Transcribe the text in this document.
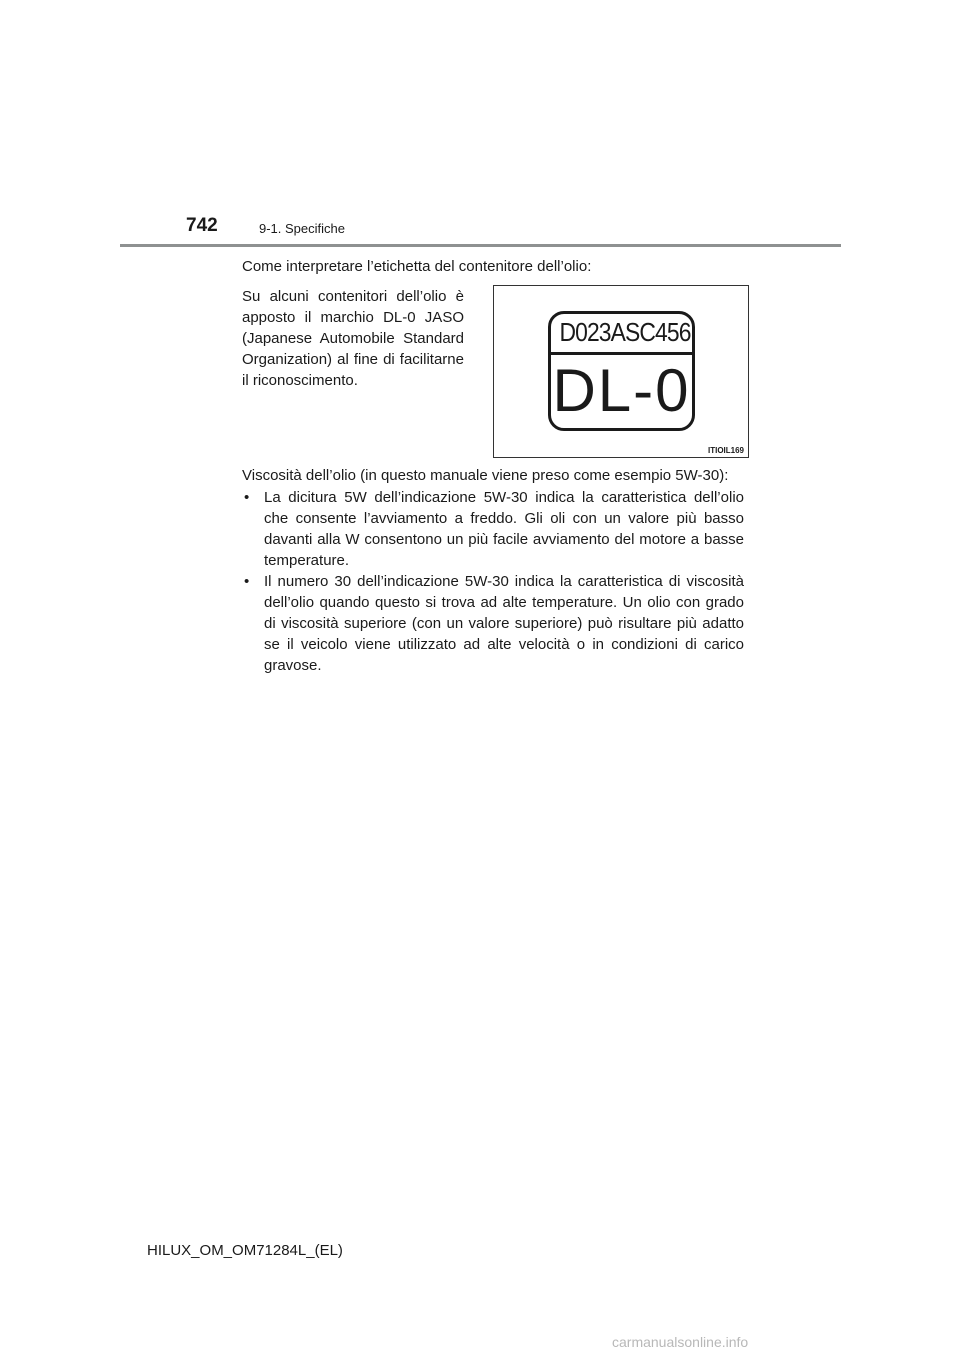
742	9-1. Specifiche
Come interpretare l’etichetta del contenitore dell’olio:
Su alcuni contenitori dell’olio è apposto il marchio DL-0 JASO (Japanese Automobile Standard Organization) al fine di facilitarne il riconoscimento.
D023ASC456
DL-0
ITIOIL169
Viscosità dell’olio (in questo manuale viene preso come esempio 5W-30):
• La dicitura 5W dell’indicazione 5W-30 indica la caratteristica dell’olio che consente l’avviamento a freddo. Gli oli con un valore più basso davanti alla W consentono un più facile avviamento del motore a basse temperature.
• Il numero 30 dell’indicazione 5W-30 indica la caratteristica di viscosità dell’olio quando questo si trova ad alte temperature. Un olio con grado di viscosità superiore (con un valore superiore) può risultare più adatto se il veicolo viene utilizzato ad alte velocità o in condizioni di carico gravose.
HILUX_OM_OM71284L_(EL)
carmanualsonline.info
